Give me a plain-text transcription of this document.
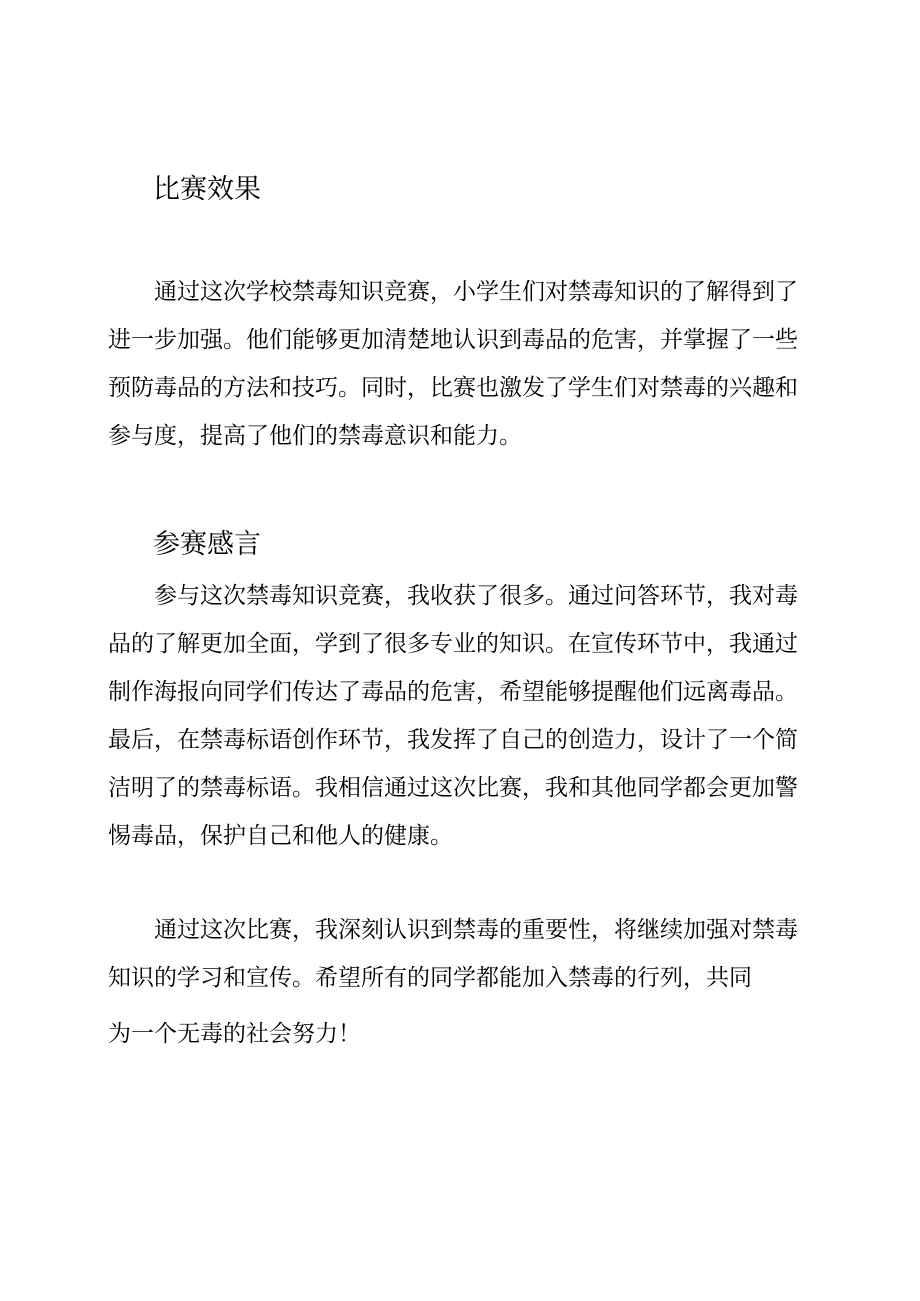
比赛效果
通过这次学校禁毒知识竞赛，小学生们对禁毒知识的了解得到了
进一步加强。他们能够更加清楚地认识到毒品的危害，并掌握了一些
预防毒品的方法和技巧。同时，比赛也激发了学生们对禁毒的兴趣和
参与度，提高了他们的禁毒意识和能力。
参赛感言
参与这次禁毒知识竞赛，我收获了很多。通过问答环节，我对毒
品的了解更加全面，学到了很多专业的知识。在宣传环节中，我通过
制作海报向同学们传达了毒品的危害，希望能够提醒他们远离毒品。
最后，在禁毒标语创作环节，我发挥了自己的创造力，设计了一个简
洁明了的禁毒标语。我相信通过这次比赛，我和其他同学都会更加警
惕毒品，保护自己和他人的健康。
通过这次比赛，我深刻认识到禁毒的重要性，将继续加强对禁毒
知识的学习和宣传。希望所有的同学都能加入禁毒的行列，共同
为一个无毒的社会努力！
